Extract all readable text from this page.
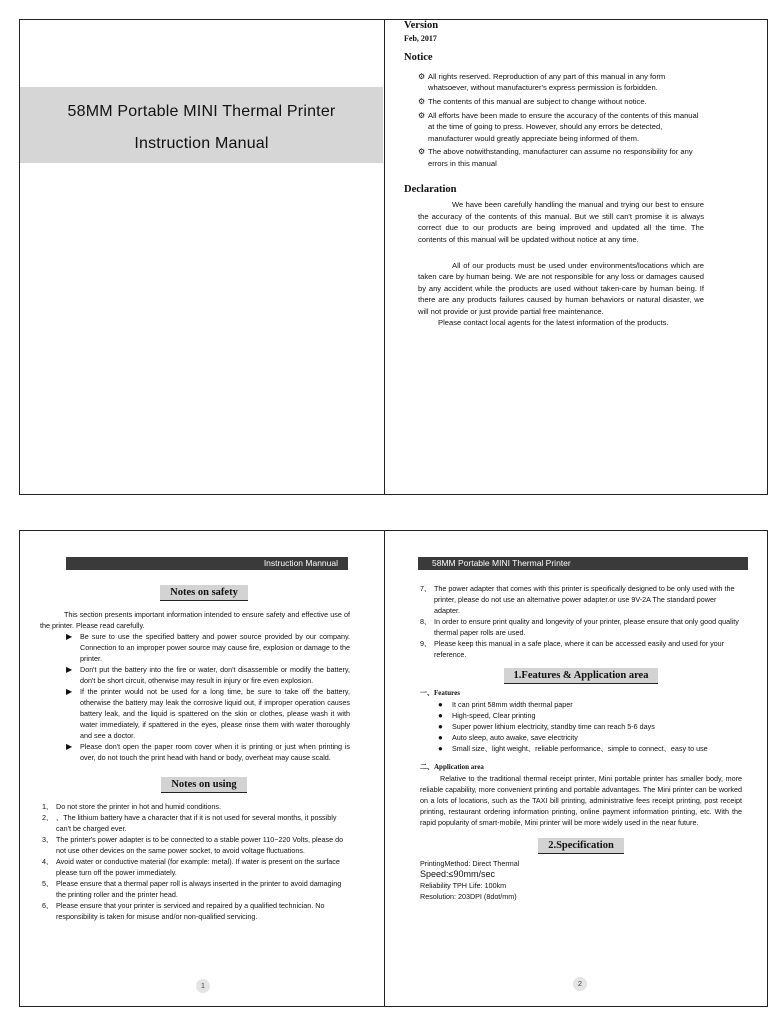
58MM Portable MINI Thermal Printer
Instruction Manual
Version
Feb, 2017
Notice
⚙ All rights reserved. Reproduction of any part of this manual in any form whatsoever, without manufacturer's express permission is forbidden.
⚙ The contents of this manual are subject to change without notice.
⚙ All efforts have been made to ensure the accuracy of the contents of this manual at the time of going to press. However, should any errors be detected, manufacturer would greatly appreciate being informed of them.
⚙ The above notwithstanding, manufacturer can assume no responsibility for any errors in this manual
Declaration
We have been carefully handling the manual and trying our best to ensure the accuracy of the contents of this manual. But we still can't promise it is always correct due to our products are being improved and updated all the time. The contents of this manual will be updated without notice at any time.
All of our products must be used under environments/locations which are taken care by human being. We are not responsible for any loss or damages caused by any accident while the products are used without taken-care by human being. If there are any products failures caused by human behaviors or natural disaster, we will not provide or just provide partial free maintenance.
Please contact local agents for the latest information of the products.
Instruction Mannual	58MM Portable MINI Thermal Printer
Notes on safety
This section presents important information intended to ensure safety and effective use of the printer. Please read carefully.
▶ Be sure to use the specified battery and power source provided by our company. Connection to an improper power source may cause fire, explosion or damage to the printer.
▶ Don't put the battery into the fire or water, don't disassemble or modify the battery, don't be short circuit, otherwise may result in injury or fire even explosion.
▶ If the printer would not be used for a long time, be sure to take off the battery, otherwise the battery may leak the corrosive liquid out, if improper operation causes battery leak, and the liquid is spattered on the skin or clothes, please wash it with water immediately, if spattered in the eyes, please rinse them with water thoroughly and see a doctor.
▶ Please don't open the paper room cover when it is printing or just when printing is over, do not touch the print head with hand or body, overheat may cause scald.
Notes on using
1、 Do not store the printer in hot and humid conditions.
2、 、The lithium battery have a character that if it is not used for several months, it possibly can't be charged ever.
3、 The printer's power adapter is to be connected to a stable power 110~220 Volts, please do not use other devices on the same power socket, to avoid voltage fluctuations.
4、 Avoid water or conductive material (for example: metal). If water is present on the surface please turn off the power immediately.
5、 Please ensure that a thermal paper roll is always inserted in the printer to avoid damaging the printing roller and the printer head.
6、 Please ensure that your printer is serviced and repaired by a qualified technician. No responsibility is taken for misuse and/or non-qualified servicing.
1
7、 The power adapter that comes with this printer is specifically designed to be only used with the printer, please do not use an alternative power adapter.or use 9V-2A The standard power adapter.
8、 In order to ensure print quality and longevity of your printer, please ensure that only good quality thermal paper rolls are used.
9、 Please keep this manual in a safe place, where it can be accessed easily and used for your reference.
1.Features & Application area
一、Features
● It can print 58mm width thermal paper
● High-speed, Clear printing
● Super power lithium electricity, standby time can reach 5-6 days
● Auto sleep, auto awake, save electricity
● Small size、light weight、reliable performance、simple to connect、easy to use
二、Application area
Relative to the traditional thermal receipt printer, Mini portable printer has smaller body, more reliable capability, more convenient printing and portable advantages. The Mini printer can be worked on a lots of locations, such as the TAXI bill printing, administrative fees receipt printing, post receipt printing, restaurant ordering information printing, online payment information printing, etc. With the rapid popularity of smart-mobile, Mini printer will be more widely used in the near future.
2.Specification
PrintingMethod: Direct Thermal
Speed:≤90mm/sec
Reliability TPH Life: 100km
Resolution: 203DPI (8dot/mm)
2
